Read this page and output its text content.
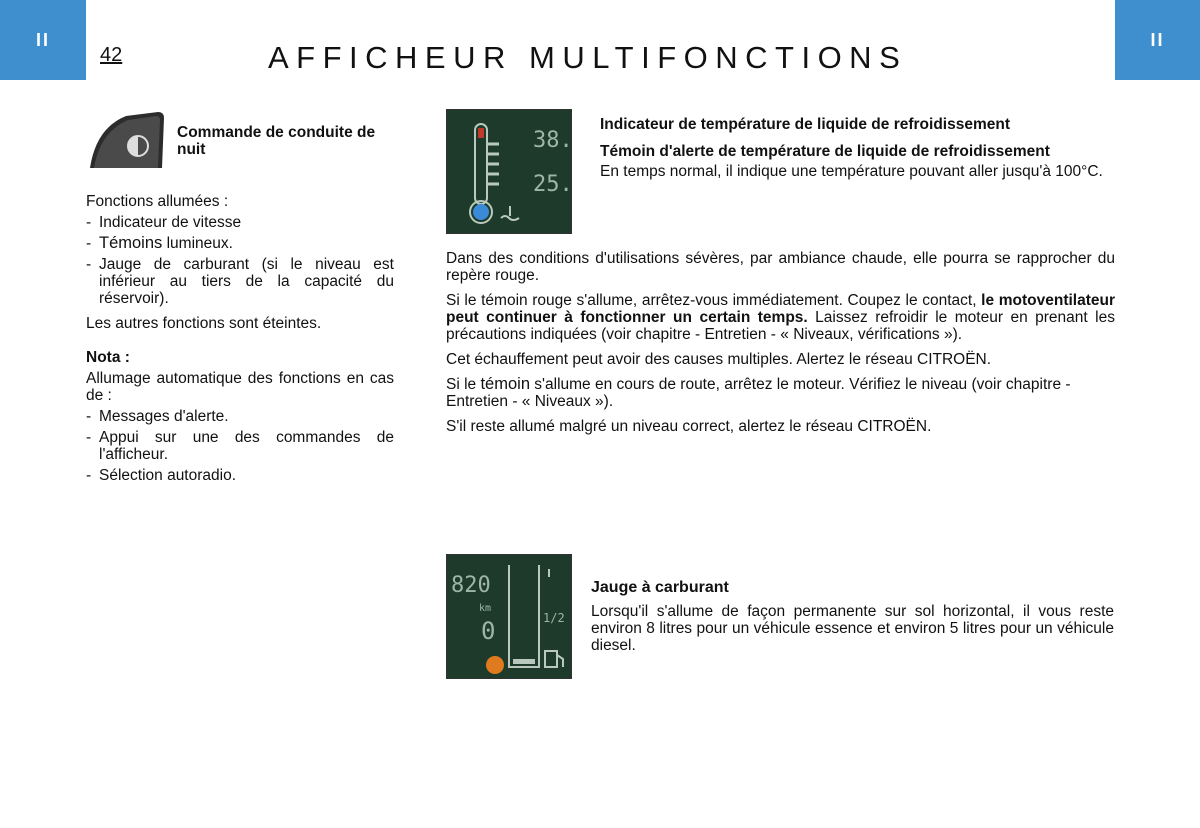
II
42	AFFICHEUR MULTIFONCTIONS
II

Commande de conduite de nuit

Fonctions allumées :

- Indicateur de vitesse
- Témoins lumineux.
- Jauge de carburant (si le niveau est inférieur au tiers de la capacité du réservoir).

Les autres fonctions sont éteintes.

Nota :

Allumage automatique des fonctions en cas de :

- Messages d'alerte.
- Appui sur une des commandes de l'afficheur.
- Sélection autoradio.
38.
25.

Indicateur de température de liquide de refroidissement

Témoin d'alerte de température de liquide de refroidissement

En temps normal, il indique une température pouvant aller jusqu'à 100°C.

Dans des conditions d'utilisations sévères, par ambiance chaude, elle pourra se rapprocher du repère rouge.

Si le témoin rouge s'allume, arrêtez-vous immédiatement. Coupez le contact, le motoventilateur peut continuer à fonctionner un certain temps. Laissez refroidir le moteur en prenant les précautions indiquées (voir chapitre - Entretien - « Niveaux, vérifications »).

Cet échauffement peut avoir des causes multiples. Alertez le réseau CITROËN.

Si le témoin s'allume en cours de route, arrêtez le moteur. Vérifiez le niveau (voir chapitre - Entretien - « Niveaux »).

S'il reste allumé malgré un niveau correct, alertez le réseau CITROËN.

820
km
0	1/2

Jauge à carburant

Lorsqu'il s'allume de façon permanente sur sol horizontal, il vous reste environ 8 litres pour un véhicule essence et environ 5 litres pour un véhicule diesel.
